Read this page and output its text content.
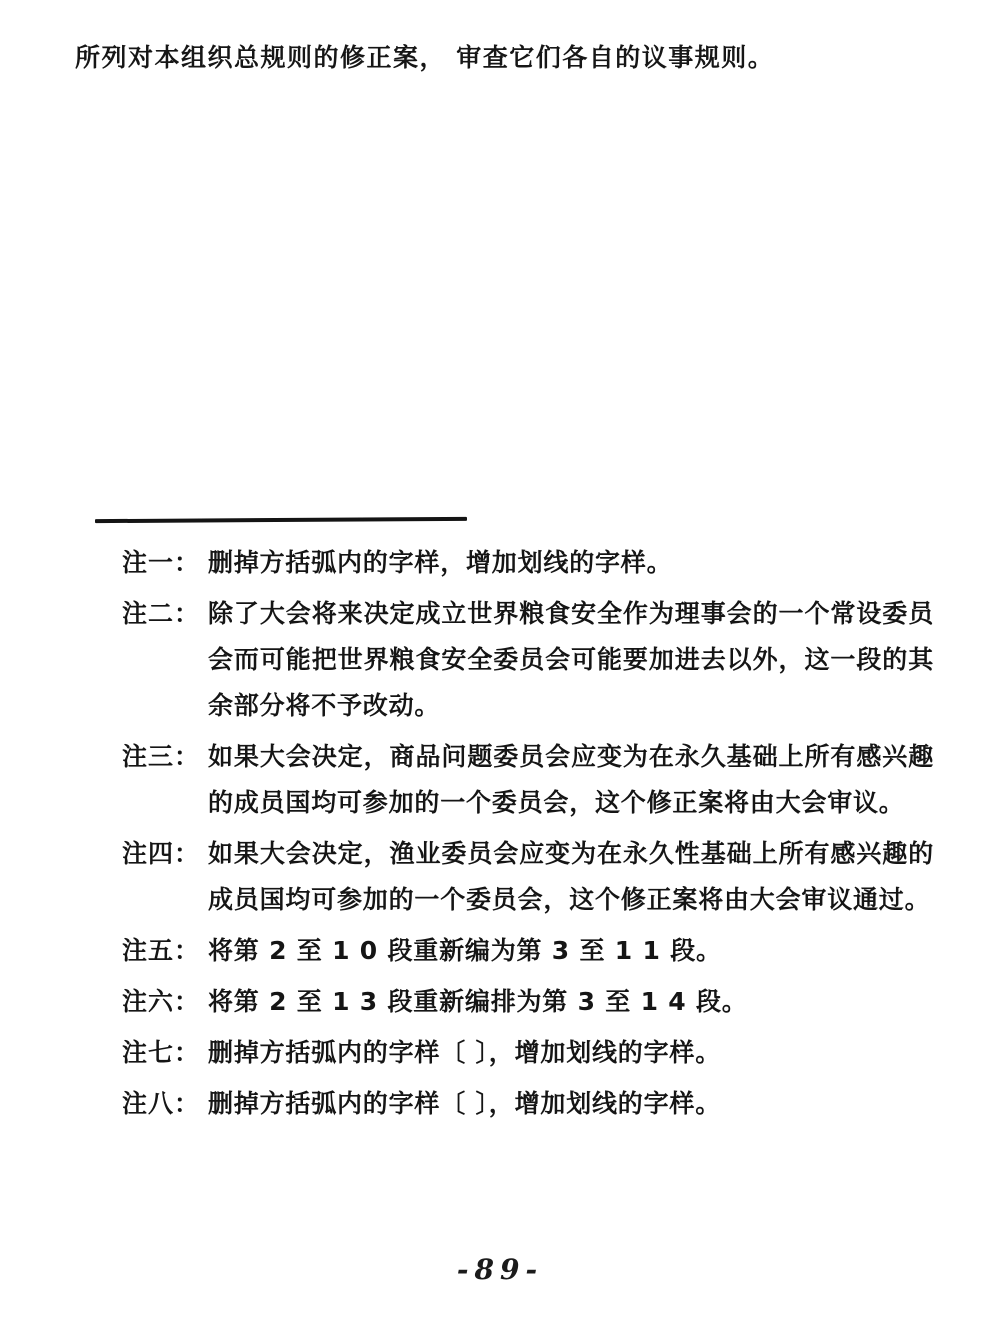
所列对本组织总规则的修正案， 审查它们各自的议事规则。

注一： 删掉方括弧内的字样，增加划线的字样。
注二： 除了大会将来决定成立世界粮食安全作为理事会的一个常设委员会而可能把世界粮食安全委员会可能要加进去以外，这一段的其余部分将不予改动。
注三： 如果大会决定，商品问题委员会应变为在永久基础上所有感兴趣的成员国均可参加的一个委员会，这个修正案将由大会审议。
注四： 如果大会决定，渔业委员会应变为在永久性基础上所有感兴趣的成员国均可参加的一个委员会，这个修正案将由大会审议通过。
注五： 将第 2 至 1 0 段重新编为第 3 至 1 1 段。
注六： 将第 2 至 1 3 段重新编排为第 3 至 1 4 段。
注七： 删掉方括弧内的字样〔 〕，增加划线的字样。
注八： 删掉方括弧内的字样〔 〕，增加划线的字样。
-89-
